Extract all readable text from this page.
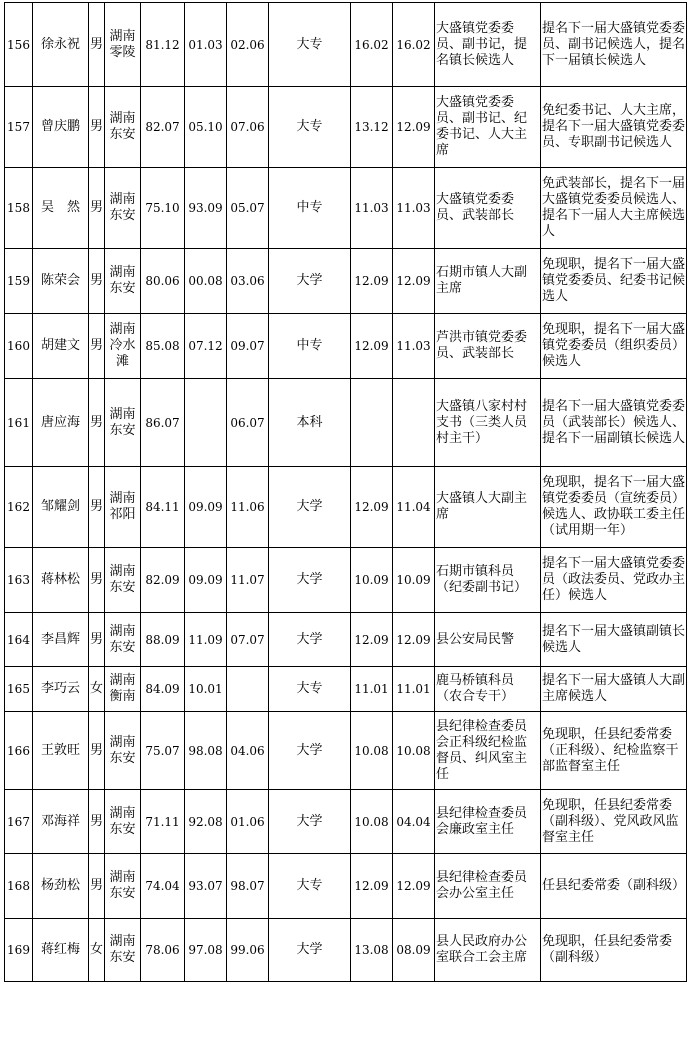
156	徐永祝	男	湖南零陵	81.12	01.03	02.06	大专	16.02	16.02	大盛镇党委委员、副书记，提名镇长候选人	提名下一届大盛镇党委委员、副书记候选人，提名下一届镇长候选人
157	曾庆鹏	男	湖南东安	82.07	05.10	07.06	大专	13.12	12.09	大盛镇党委委员、副书记、纪委书记、人大主席	免纪委书记、人大主席，提名下一届大盛镇党委委员、专职副书记候选人
158	吴　然	男	湖南东安	75.10	93.09	05.07	中专	11.03	11.03	大盛镇党委委员、武装部长	免武装部长，提名下一届大盛镇党委委员候选人、提名下一届人大主席候选人
159	陈荣会	男	湖南东安	80.06	00.08	03.06	大学	12.09	12.09	石期市镇人大副主席	免现职，提名下一届大盛镇党委委员、纪委书记候选人
160	胡建文	男	湖南冷水滩	85.08	07.12	09.07	中专	12.09	11.03	芦洪市镇党委委员、武装部长	免现职，提名下一届大盛镇党委委员（组织委员）候选人
161	唐应海	男	湖南东安	86.07		06.07	本科			大盛镇八家村村支书（三类人员村主干）	提名下一届大盛镇党委委员（武装部长）候选人、提名下一届副镇长候选人
162	邹耀剑	男	湖南祁阳	84.11	09.09	11.06	大学	12.09	11.04	大盛镇人大副主席	免现职，提名下一届大盛镇党委委员（宣统委员）候选人、政协联工委主任（试用期一年）
163	蒋林松	男	湖南东安	82.09	09.09	11.07	大学	10.09	10.09	石期市镇科员（纪委副书记）	提名下一届大盛镇党委委员（政法委员、党政办主任）候选人
164	李昌辉	男	湖南东安	88.09	11.09	07.07	大学	12.09	12.09	县公安局民警	提名下一届大盛镇副镇长候选人
165	李巧云	女	湖南衡南	84.09	10.01		大专	11.01	11.01	鹿马桥镇科员（农合专干）	提名下一届大盛镇人大副主席候选人
166	王敦旺	男	湖南东安	75.07	98.08	04.06	大学	10.08	10.08	县纪律检查委员会正科级纪检监督员、纠风室主任	免现职，任县纪委常委（正科级）、纪检监察干部监督室主任
167	邓海祥	男	湖南东安	71.11	92.08	01.06	大学	10.08	04.04	县纪律检查委员会廉政室主任	免现职，任县纪委常委（副科级）、党风政风监督室主任
168	杨劲松	男	湖南东安	74.04	93.07	98.07	大专	12.09	12.09	县纪律检查委员会办公室主任	任县纪委常委（副科级）
169	蒋红梅	女	湖南东安	78.06	97.08	99.06	大学	13.08	08.09	县人民政府办公室联合工会主席	免现职，任县纪委常委（副科级）
